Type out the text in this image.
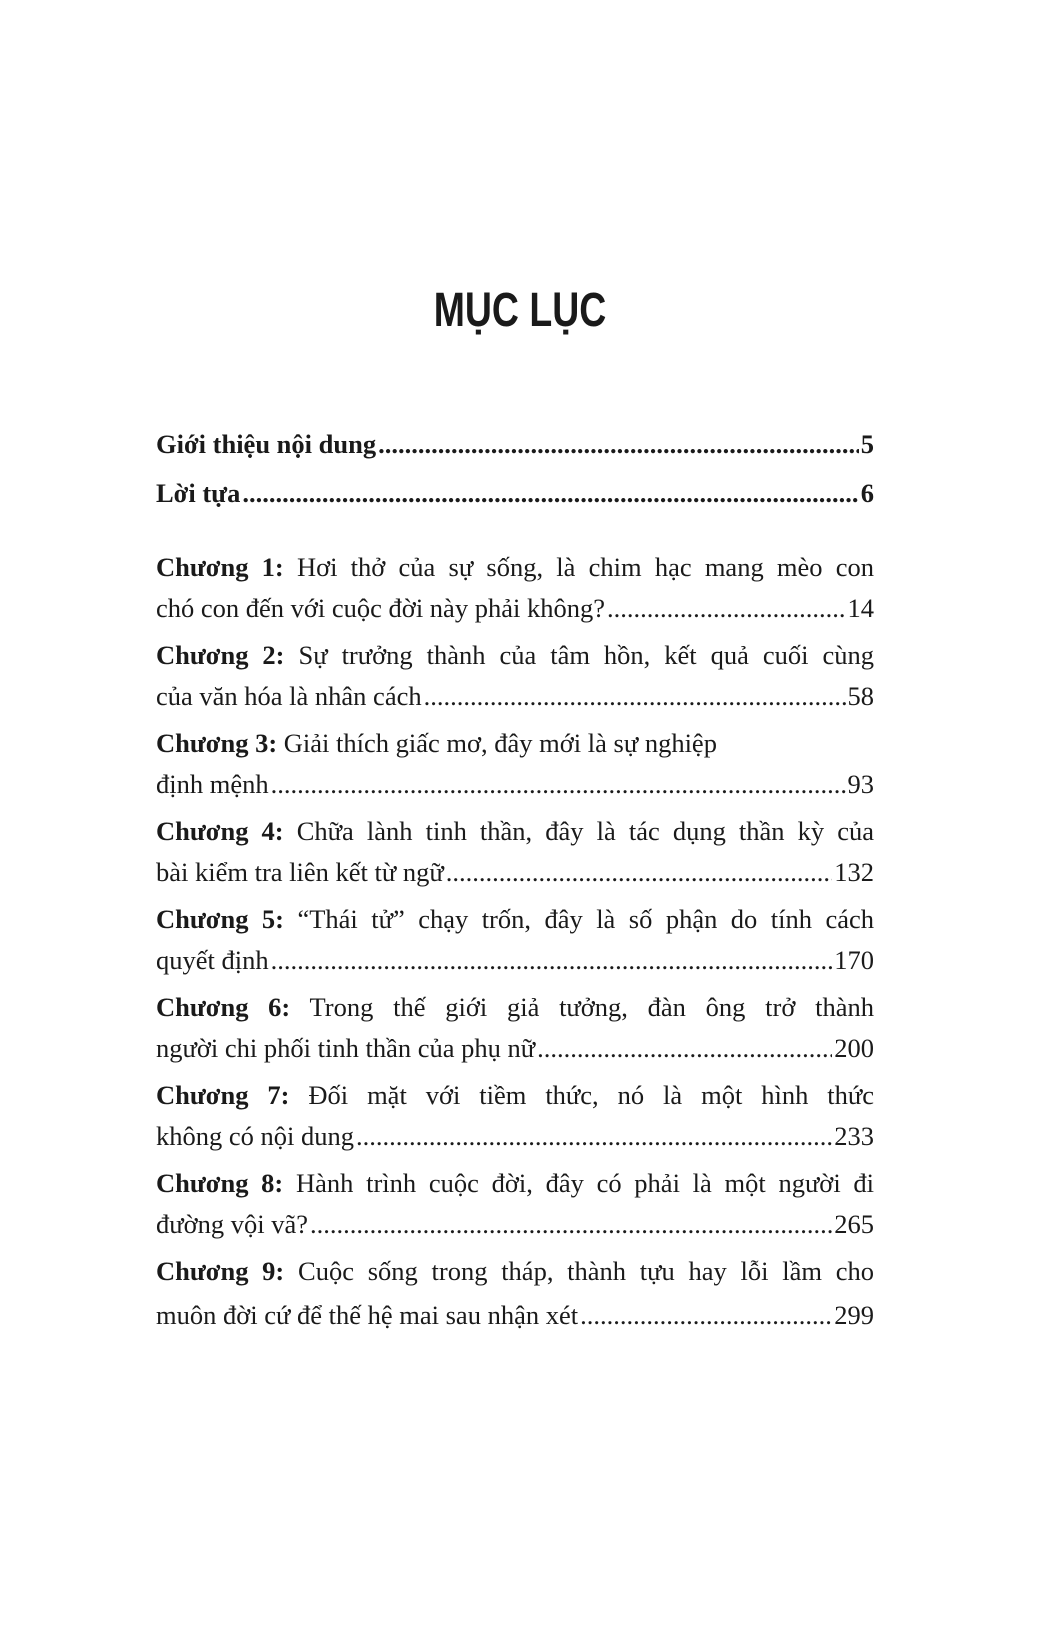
MỤC LỤC
Giới thiệu nội dung .....	5
Lời tựa .....	6
Chương 1: Hơi thở của sự sống, là chim hạc mang mèo con
chó con đến với cuộc đời này phải không? .....	14
Chương 2: Sự trưởng thành của tâm hồn, kết quả cuối cùng
của văn hóa là nhân cách .....	58
Chương 3: Giải thích giấc mơ, đây mới là sự nghiệp
định mệnh .....	93
Chương 4: Chữa lành tinh thần, đây là tác dụng thần kỳ của
bài kiểm tra liên kết từ ngữ .....	132
Chương 5: “Thái tử” chạy trốn, đây là số phận do tính cách
quyết định .....	170
Chương 6: Trong thế giới giả tưởng, đàn ông trở thành
người chi phối tinh thần của phụ nữ .....	200
Chương 7: Đối mặt với tiềm thức, nó là một hình thức
không có nội dung .....	233
Chương 8: Hành trình cuộc đời, đây có phải là một người đi
đường vội vã? .....	265
Chương 9: Cuộc sống trong tháp, thành tựu hay lỗi lầm cho
muôn đời cứ để thế hệ mai sau nhận xét .....	299
